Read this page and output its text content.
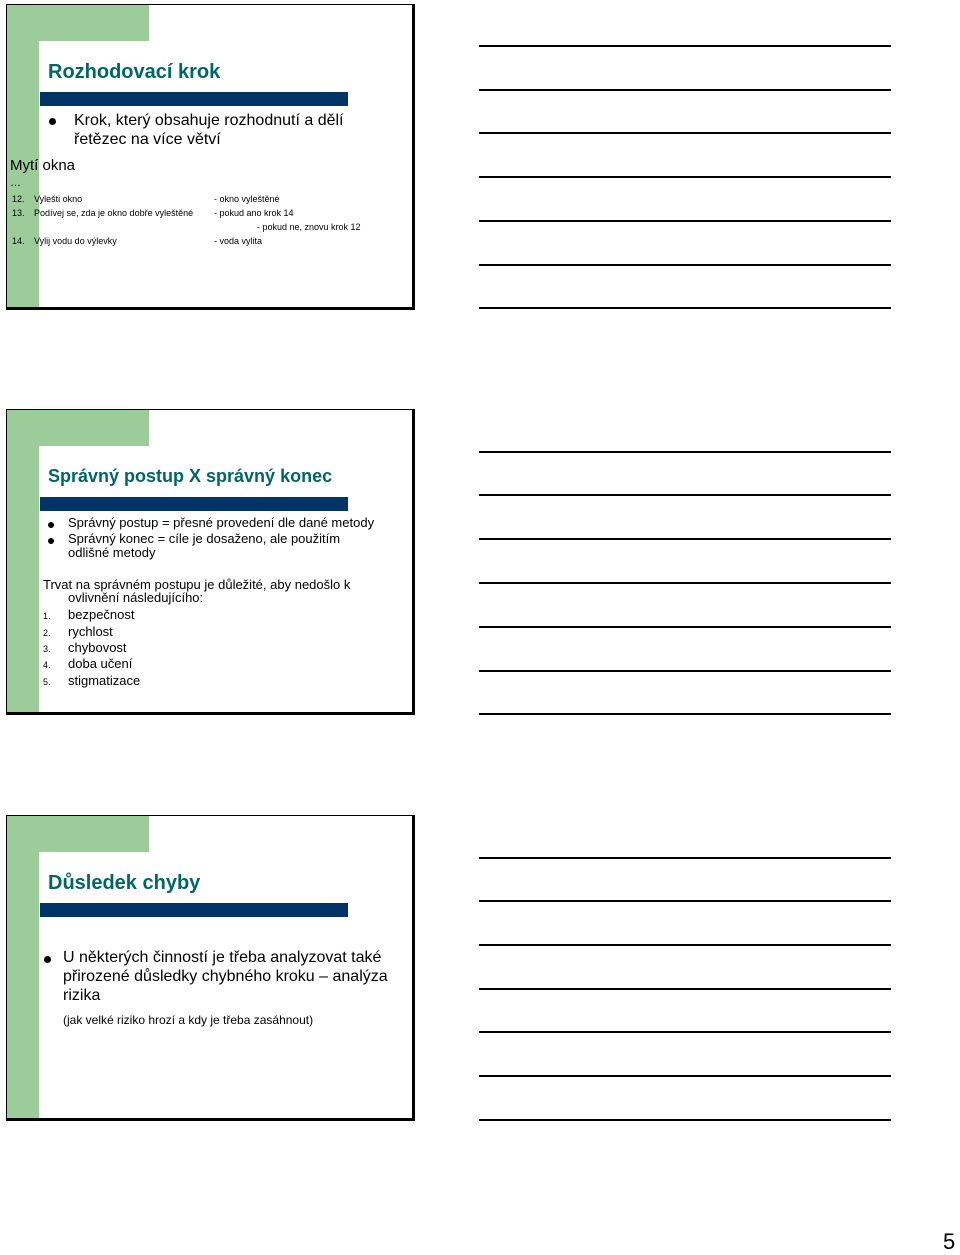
Rozhodovací krok
Krok, který obsahuje rozhodnutí a dělí
řetězec na více větví
Mytí okna
…
12. Vylešti okno	- okno vyleštěné
13. Podívej se, zda je okno dobře vyleštěné - pokud ano krok 14
- pokud ne, znovu krok 12
14. Vylij vodu do výlevky	- voda vylita
Správný postup X správný konec
Správný postup = přesné provedení dle dané metody
Správný konec = cíle je dosaženo, ale použitím
odlišné metody
Trvat na správném postupu je důležité, aby nedošlo k
ovlivnění následujícího:
1. bezpečnost
2. rychlost
3. chybovost
4. doba učení
5. stigmatizace
Důsledek chyby
U některých činností je třeba analyzovat také
přirozené důsledky chybného kroku – analýza
rizika
(jak velké riziko hrozí a kdy je třeba zasáhnout)
5
